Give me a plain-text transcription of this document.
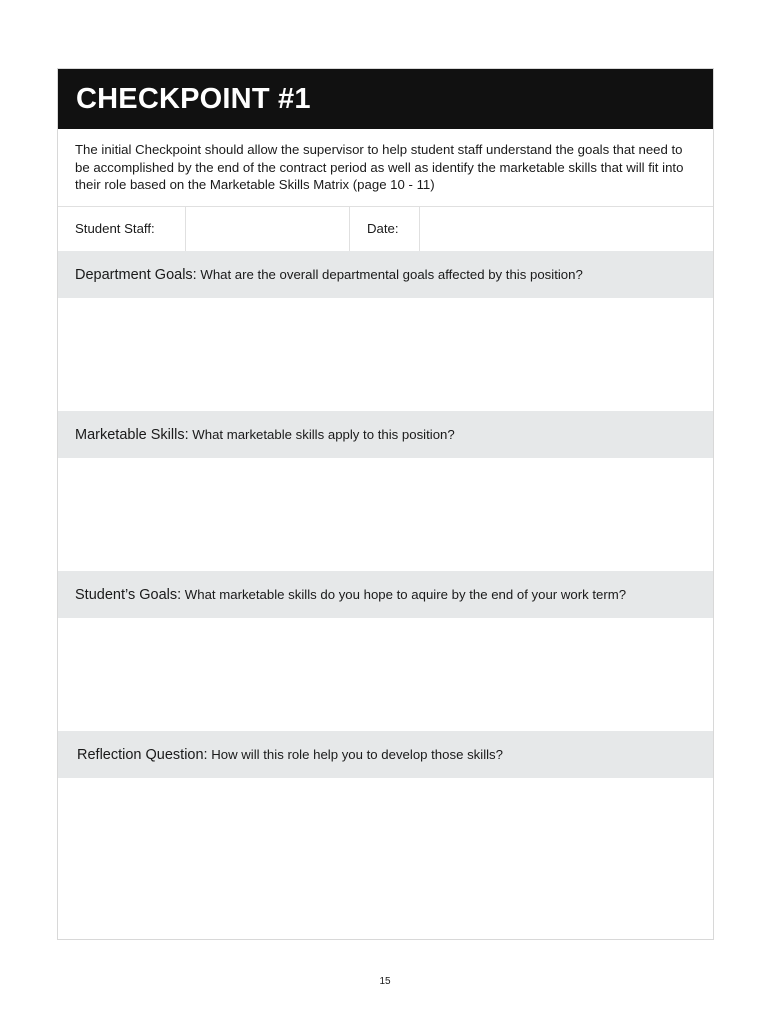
CHECKPOINT #1
The initial Checkpoint should allow the supervisor to help student staff understand the goals that need to be accomplished by the end of the contract period as well as identify the marketable skills that will fit into their role based on the Marketable Skills Matrix (page 10 - 11)
Student Staff:	Date:
Department Goals: What are the overall departmental goals affected by this position?
Marketable Skills: What marketable skills apply to this position?
Student’s Goals: What marketable skills do you hope to aquire by the end of your work term?
Reflection Question: How will this role help you to develop those skills?
15
